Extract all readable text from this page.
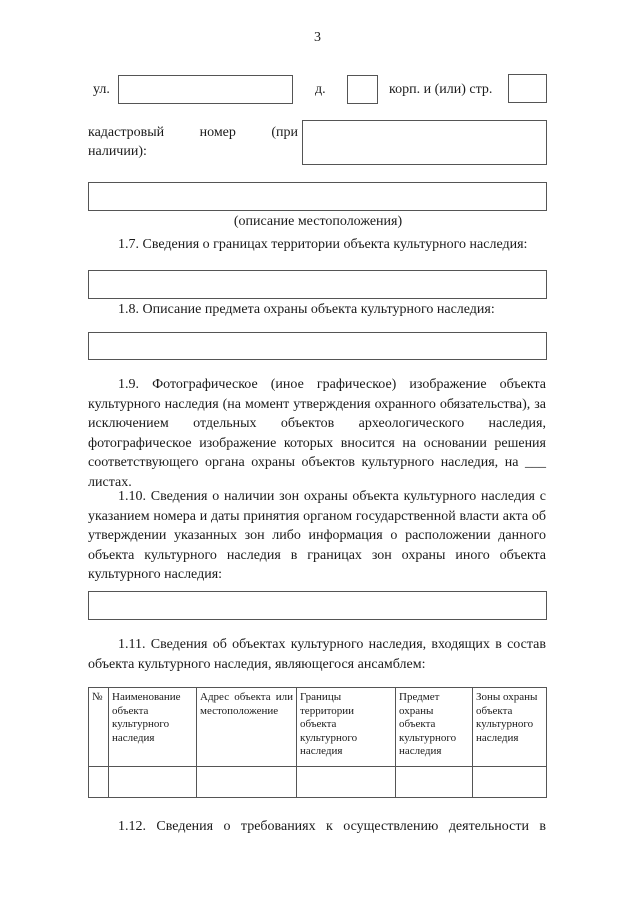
3
ул.	д.	корп. и (или) стр.
кадастровый номер (при
наличии):
(описание местоположения)
1.7. Сведения о границах территории объекта культурного наследия:
1.8. Описание предмета охраны объекта культурного наследия:
1.9. Фотографическое (иное графическое) изображение объекта культурного наследия (на момент утверждения охранного обязательства), за исключением отдельных объектов археологического наследия, фотографическое изображение которых вносится на основании решения соответствующего органа охраны объектов культурного наследия, на ___ листах.
1.10. Сведения о наличии зон охраны объекта культурного наследия с указанием номера и даты принятия органом государственной власти акта об утверждении указанных зон либо информация о расположении данного объекта культурного наследия в границах зон охраны иного объекта культурного наследия:
1.11. Сведения об объектах культурного наследия, входящих в состав объекта культурного наследия, являющегося ансамблем:
№	Наименование объекта культурного наследия	Адрес объекта или местоположение	Границы территории объекта культурного наследия	Предмет охраны объекта культурного наследия	Зоны охраны объекта культурного наследия

1.12. Сведения о требованиях к осуществлению деятельности в
